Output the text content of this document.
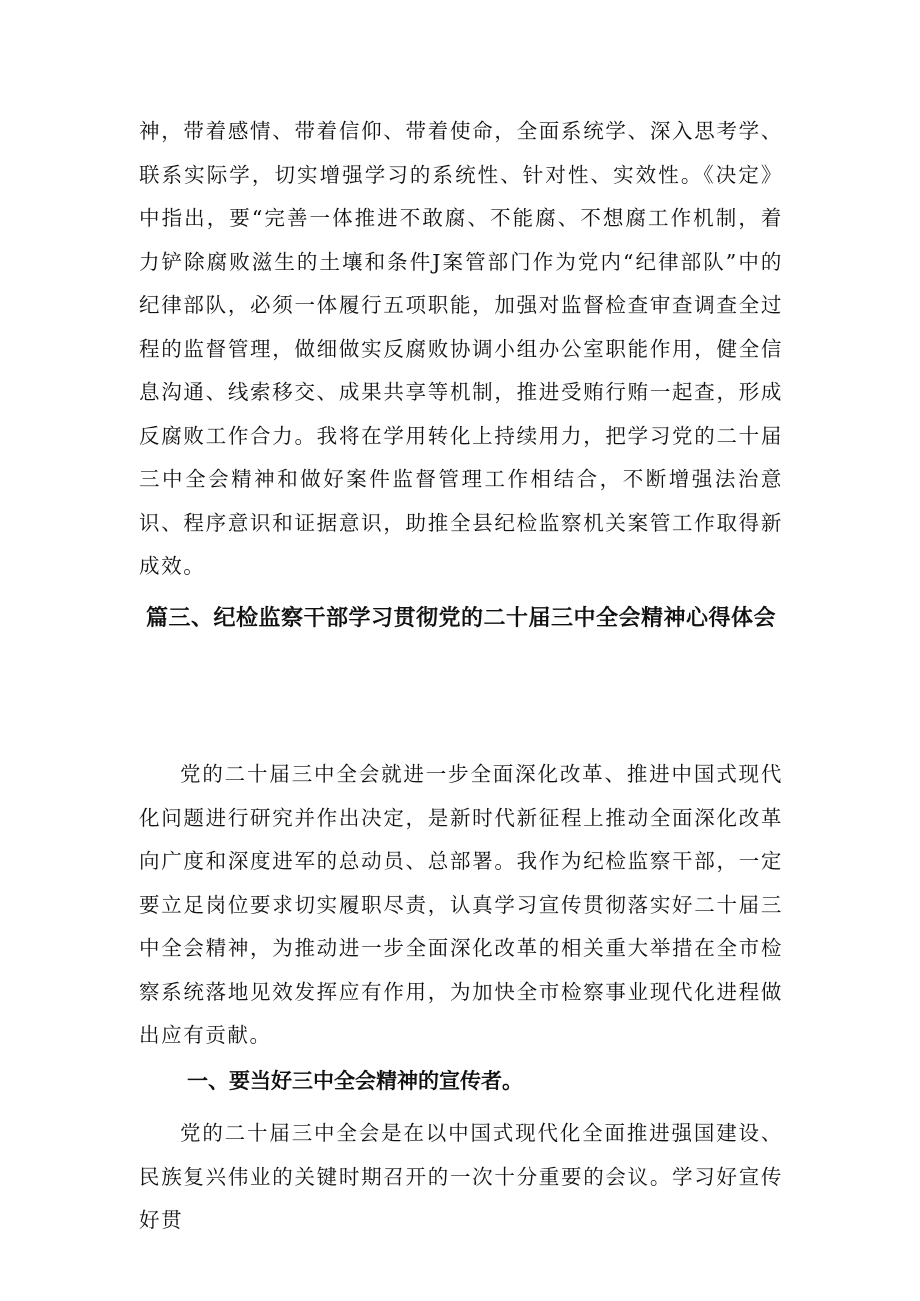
神，带着感情、带着信仰、带着使命，全面系统学、深入思考学、联系实际学，切实增强学习的系统性、针对性、实效性。《决定》中指出，要“完善一体推进不敢腐、不能腐、不想腐工作机制，着力铲除腐败滋生的土壤和条件J案管部门作为党内“纪律部队”中的纪律部队，必须一体履行五项职能，加强对监督检查审查调查全过程的监督管理，做细做实反腐败协调小组办公室职能作用，健全信息沟通、线索移交、成果共享等机制，推进受贿行贿一起查，形成反腐败工作合力。我将在学用转化上持续用力，把学习党的二十届三中全会精神和做好案件监督管理工作相结合，不断增强法治意识、程序意识和证据意识，助推全县纪检监察机关案管工作取得新成效。

篇三、纪检监察干部学习贯彻党的二十届三中全会精神心得体会

党的二十届三中全会就进一步全面深化改革、推进中国式现代化问题进行研究并作出决定，是新时代新征程上推动全面深化改革向广度和深度进军的总动员、总部署。我作为纪检监察干部，一定要立足岗位要求切实履职尽责，认真学习宣传贯彻落实好二十届三中全会精神，为推动进一步全面深化改革的相关重大举措在全市检察系统落地见效发挥应有作用，为加快全市检察事业现代化进程做出应有贡献。

一、要当好三中全会精神的宣传者。

党的二十届三中全会是在以中国式现代化全面推进强国建设、民族复兴伟业的关键时期召开的一次十分重要的会议。学习好宣传好贯
